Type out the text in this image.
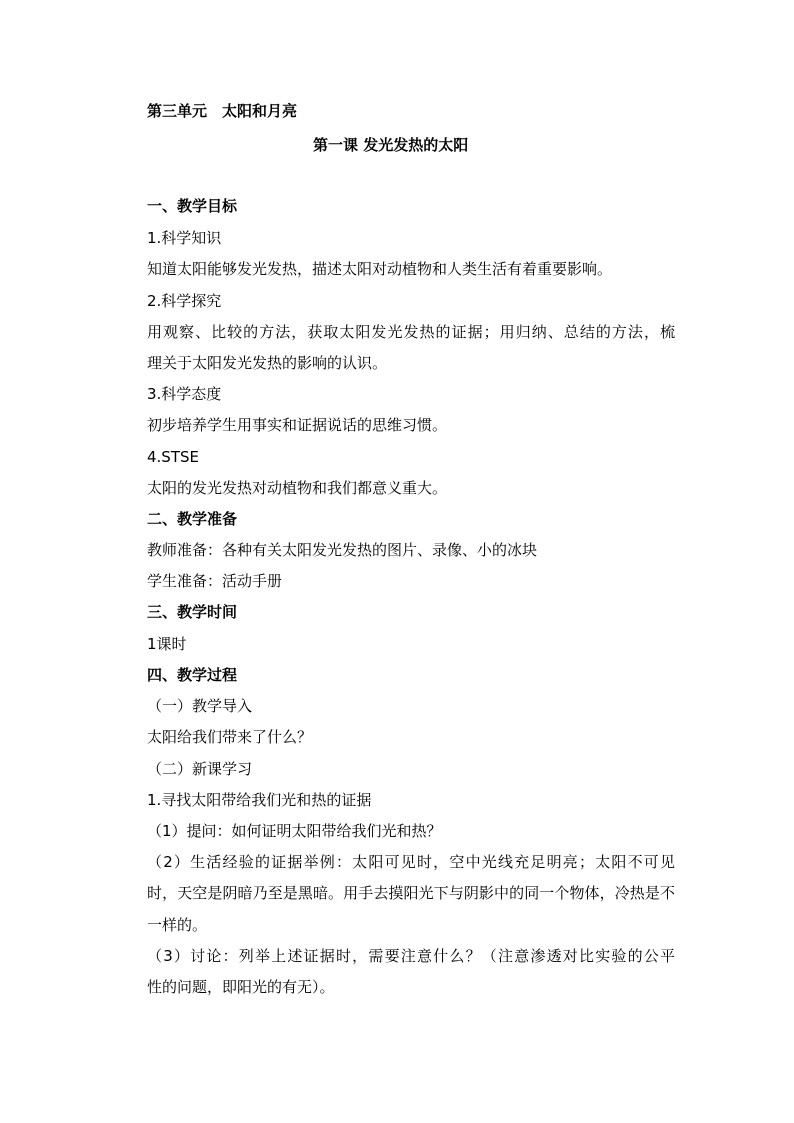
第三单元　太阳和月亮
第一课 发光发热的太阳
一、教学目标
1.科学知识
知道太阳能够发光发热，描述太阳对动植物和人类生活有着重要影响。
2.科学探究
用观察、比较的方法，获取太阳发光发热的证据；用归纳、总结的方法，梳
理关于太阳发光发热的影响的认识。
3.科学态度
初步培养学生用事实和证据说话的思维习惯。
4.STSE
太阳的发光发热对动植物和我们都意义重大。
二、教学准备
教师准备：各种有关太阳发光发热的图片、录像、小的冰块
学生准备：活动手册
三、教学时间
1课时
四、教学过程
（一）教学导入
太阳给我们带来了什么？
（二）新课学习
1.寻找太阳带给我们光和热的证据
（1）提问：如何证明太阳带给我们光和热？
（2）生活经验的证据举例：太阳可见时，空中光线充足明亮；太阳不可见
时，天空是阴暗乃至是黑暗。用手去摸阳光下与阴影中的同一个物体，冷热是不
一样的。
（3）讨论：列举上述证据时，需要注意什么？（注意渗透对比实验的公平
性的问题，即阳光的有无）。
